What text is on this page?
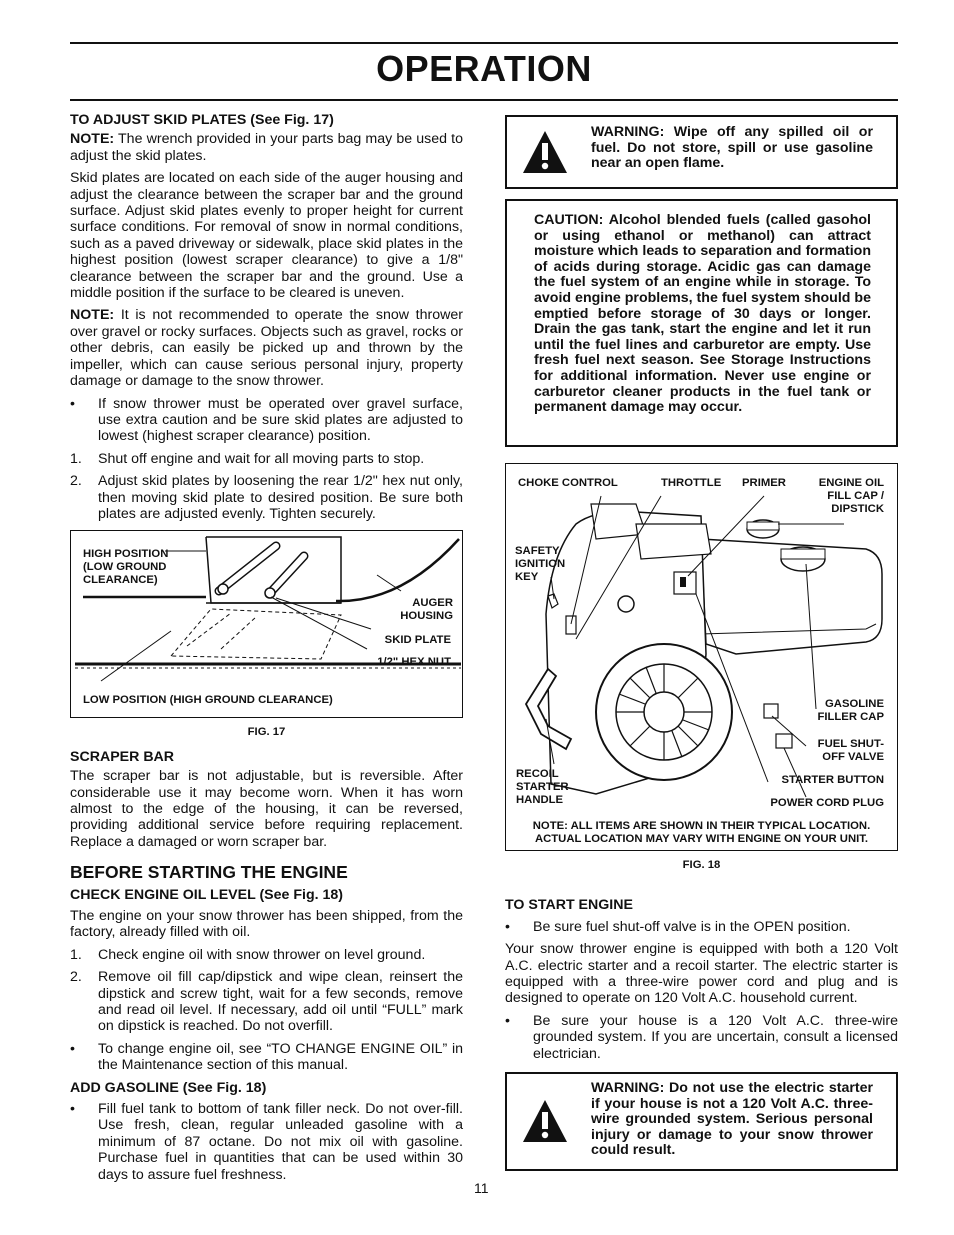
OPERATION
TO ADJUST SKID PLATES (See Fig. 17)

NOTE: The wrench provided in your parts bag may be used to adjust the skid plates.

Skid plates are located on each side of the auger housing and adjust the clearance between the scraper bar and the ground surface. Adjust skid plates evenly to proper height for current surface conditions. For removal of snow in normal conditions, such as a paved driveway or sidewalk, place skid plates in the highest position (lowest scraper clearance) to give a 1/8" clearance between the scraper bar and the ground. Use a middle position if the surface to be cleared is uneven.

NOTE: It is not recommended to operate the snow thrower over gravel or rocky surfaces. Objects such as gravel, rocks or other debris, can easily be picked up and thrown by the impeller, which can cause serious personal injury, property damage or damage to the snow thrower.

•	If snow thrower must be operated over gravel surface, use extra caution and be sure skid plates are adjusted to lowest (highest scraper clearance) position.
1.	Shut off engine and wait for all moving parts to stop.
2.	Adjust skid plates by loosening the rear 1/2" hex nut only, then moving skid plate to desired position. Be sure both plates are adjusted evenly. Tighten securely.
HIGH POSITION (LOW GROUND CLEARANCE)
AUGER HOUSING
SKID PLATE
1/2" HEX NUT
LOW POSITION (HIGH GROUND CLEARANCE)
FIG. 17
SCRAPER BAR

The scraper bar is not adjustable, but is reversible. After considerable use it may become worn. When it has worn almost to the edge of the housing, it can be reversed, providing additional service before requiring replacement. Replace a damaged or worn scraper bar.

BEFORE STARTING THE ENGINE
CHECK ENGINE OIL LEVEL (See Fig. 18)

The engine on your snow thrower has been shipped, from the factory, already filled with oil.

1.	Check engine oil with snow thrower on level ground.
2.	Remove oil fill cap/dipstick and wipe clean, reinsert the dipstick and screw tight, wait for a few seconds, remove and read oil level. If necessary, add oil until “FULL” mark on dipstick is reached. Do not overfill.
•	To change engine oil, see “TO CHANGE ENGINE OIL” in the Maintenance section of this manual.
ADD GASOLINE (See Fig. 18)
•	Fill fuel tank to bottom of tank filler neck. Do not over-fill. Use fresh, clean, regular unleaded gasoline with a minimum of 87 octane. Do not mix oil with gasoline. Purchase fuel in quantities that can be used within 30 days to assure fuel freshness.
WARNING: Wipe off any spilled oil or fuel. Do not store, spill or use gasoline near an open flame.
CAUTION: Alcohol blended fuels (called gasohol or using ethanol or methanol) can attract moisture which leads to separation and formation of acids during storage. Acidic gas can damage the fuel system of an engine while in storage. To avoid engine problems, the fuel system should be emptied before storage of 30 days or longer. Drain the gas tank, start the engine and let it run until the fuel lines and carburetor are empty. Use fresh fuel next season. See Storage Instructions for additional information. Never use engine or carburetor cleaner products in the fuel tank or permanent damage may occur.
CHOKE CONTROL	THROTTLE PRIMER	ENGINE OIL FILL CAP / DIPSTICK
SAFETY IGNITION KEY
GASOLINE FILLER CAP
FUEL SHUT- OFF VALVE
RECOIL STARTER HANDLE
STARTER BUTTON
POWER CORD PLUG
NOTE: ALL ITEMS ARE SHOWN IN THEIR TYPICAL LOCATION. ACTUAL LOCATION MAY VARY WITH ENGINE ON YOUR UNIT.
FIG. 18
TO START ENGINE
•	Be sure fuel shut-off valve is in the OPEN position.

Your snow thrower engine is equipped with both a 120 Volt A.C. electric starter and a recoil starter. The electric starter is equipped with a three-wire power cord and plug and is designed to operate on 120 Volt A.C. household current.

•	Be sure your house is a 120 Volt A.C. three-wire grounded system. If you are uncertain, consult a licensed electrician.
WARNING: Do not use the electric starter if your house is not a 120 Volt A.C. three-wire grounded system. Serious personal injury or damage to your snow thrower could result.
11
